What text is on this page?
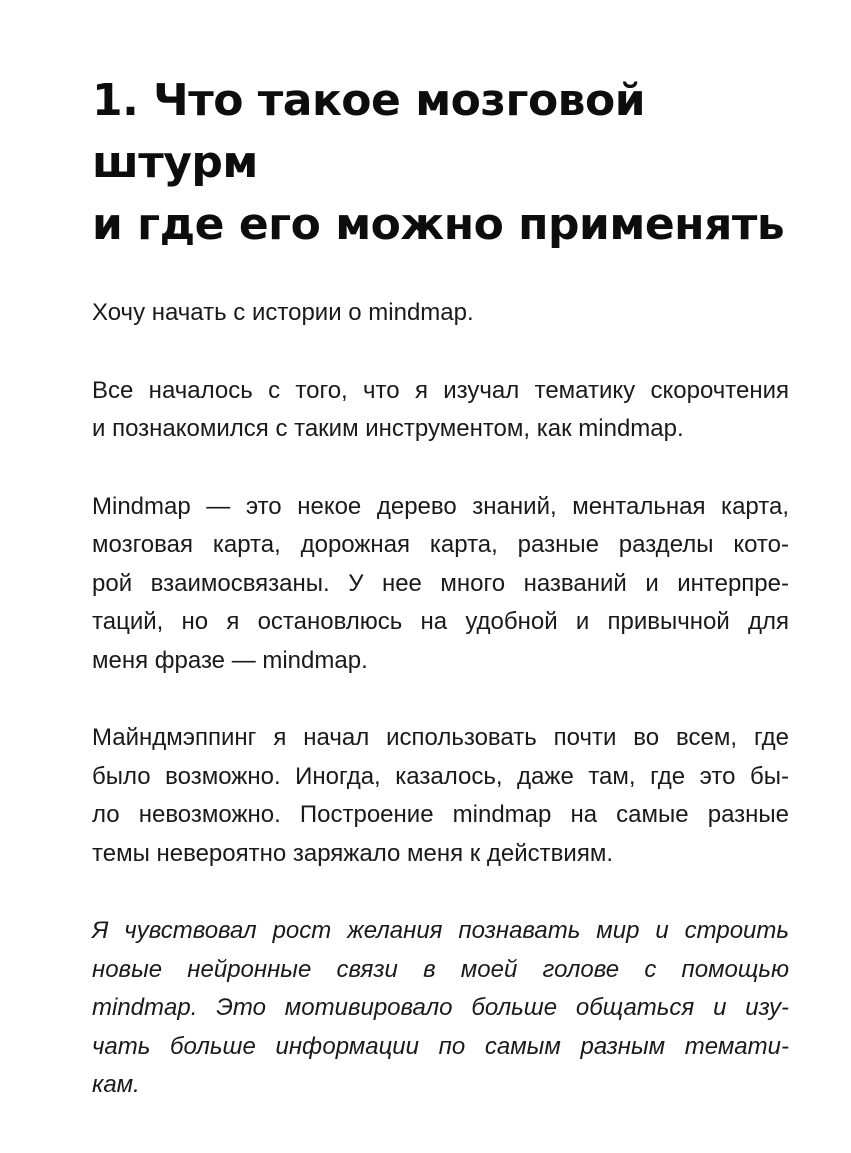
1. Что такое мозговой
штурм
и где его можно применять

Хочу начать с истории о mindmap.

Все началось с того, что я изучал тематику скорочтения
и познакомился с таким инструментом, как mindmap.

Mindmap — это некое дерево знаний, ментальная карта,
мозговая карта, дорожная карта, разные разделы кото-
рой взаимосвязаны. У нее много названий и интерпре-
таций, но я остановлюсь на удобной и привычной для
меня фразе — mindmap.

Майндмэппинг я начал использовать почти во всем, где
было возможно. Иногда, казалось, даже там, где это бы-
ло невозможно. Построение mindmap на самые разные
темы невероятно заряжало меня к действиям.

Я чувствовал рост желания познавать мир и строить
новые нейронные связи в моей голове с помощью
mindmap. Это мотивировало больше общаться и изу-
чать больше информации по самым разным темати-
кам.
